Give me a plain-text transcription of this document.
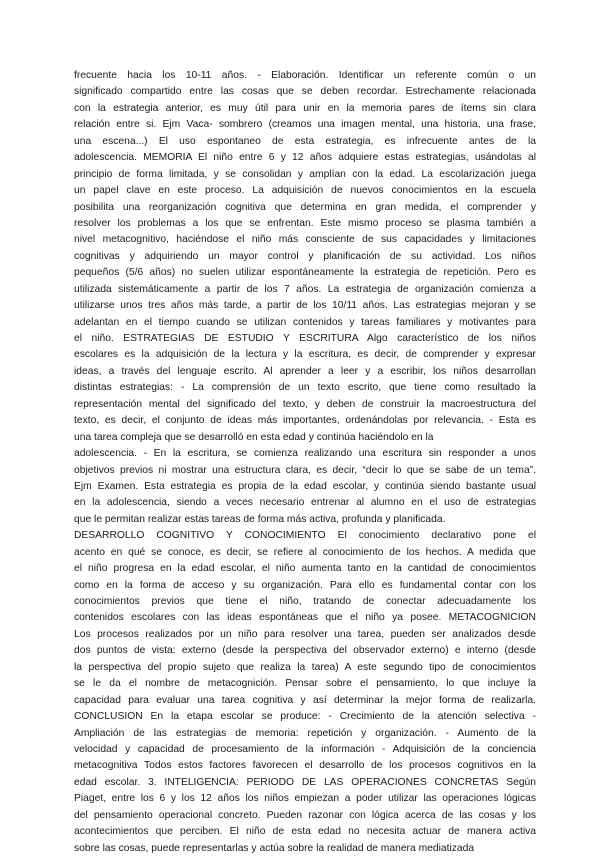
frecuente hacia los 10-11 años. - Elaboración. Identificar un referente común o un
significado compartido entre las cosas que se deben recordar. Estrechamente relacionada
con la estrategia anterior, es muy útil para unir en la memoria pares de ítems sin clara
relación entre si. Ejm Vaca- sombrero (creamos una imagen mental, una historia, una frase,
una escena...) El uso espontaneo de esta estrategia, es infrecuente antes de la
adolescencia. MEMORIA El niño entre 6 y 12 años adquiere estas estrategias, usándolas al
principio de forma limitada, y se consolidan y amplían con la edad. La escolarización juega
un papel clave en este proceso. La adquisición de nuevos conocimientos en la escuela
posibilita una reorganización cognitiva que determina en gran medida, el comprender y
resolver los problemas a los que se enfrentan. Este mismo proceso se plasma también a
nivel metacognitivo, haciéndose el niño más consciente de sus capacidades y limitaciones
cognitivas y adquiriendo un mayor control y planificación de su actividad. Los niños
pequeños (5/6 años) no suelen utilizar espontáneamente la estrategia de repetición. Pero es
utilizada sistemáticamente a partir de los 7 años. La estrategia de organización comienza a
utilizarse unos tres años más tarde, a partir de los 10/11 años. Las estrategias mejoran y se
adelantan en el tiempo cuando se utilizan contenidos y tareas familiares y motivantes para
el niño. ESTRATEGIAS DE ESTUDIO Y ESCRITURA Algo característico de los niños
escolares es la adquisición de la lectura y la escritura, es decir, de comprender y expresar
ideas, a través del lenguaje escrito. Al aprender a leer y a escribir, los niños desarrollan
distintas estrategias: - La comprensión de un texto escrito, que tiene como resultado la
representación mental del significado del texto, y deben de construir la macroestructura del
texto, es decir, el conjunto de ideas más importantes, ordenándolas por relevancia. - Esta es
una tarea compleja que se desarrolló en esta edad y continúa haciéndolo en la
adolescencia. - En la escritura, se comienza realizando una escritura sin responder a unos
objetivos previos ni mostrar una estructura clara, es decir, “decir lo que se sabe de un tema”.
Ejm Examen. Esta estrategia es propia de la edad escolar, y continúa siendo bastante usual
en la adolescencia, siendo a veces necesario entrenar al alumno en el uso de estrategias
que le permitan realizar estas tareas de forma más activa, profunda y planificada.
DESARROLLO COGNITIVO Y CONOCIMIENTO El conocimiento declarativo pone el
acento en qué se conoce, es decir, se refiere al conocimiento de los hechos. A medida que
el niño progresa en la edad escolar, el niño aumenta tanto en la cantidad de conocimientos
como en la forma de acceso y su organización. Para ello es fundamental contar con los
conocimientos previos que tiene el niño, tratando de conectar adecuadamente los
contenidos escolares con las ideas espontáneas que el niño ya posee. METACOGNICION
Los procesos realizados por un niño para resolver una tarea, pueden ser analizados desde
dos puntos de vista: externo (desde la perspectiva del observador externo) e interno (desde
la perspectiva del propio sujeto que realiza la tarea) A este segundo tipo de conocimientos
se le da el nombre de metacognición. Pensar sobre el pensamiento, lo que incluye la
capacidad para evaluar una tarea cognitiva y así determinar la mejor forma de realizarla.
CONCLUSION En la etapa escolar se produce: - Crecimiento de la atención selectiva -
Ampliación de las estrategias de memoria: repetición y organización. - Aumento de la
velocidad y capacidad de procesamiento de la información - Adquisición de la conciencia
metacognitiva Todos estos factores favorecen el desarrollo de los procesos cognitivos en la
edad escolar. 3. INTELIGENCIA: PERIODO DE LAS OPERACIONES CONCRETAS Según
Piaget, entre los 6 y los 12 años los niños empiezan a poder utilizar las operaciones lógicas
del pensamiento operacional concreto. Pueden razonar con lógica acerca de las cosas y los
acontecimientos que perciben. El niño de esta edad no necesita actuar de manera activa
sobre las cosas, puede representarlas y actúa sobre la realidad de manera mediatizada
